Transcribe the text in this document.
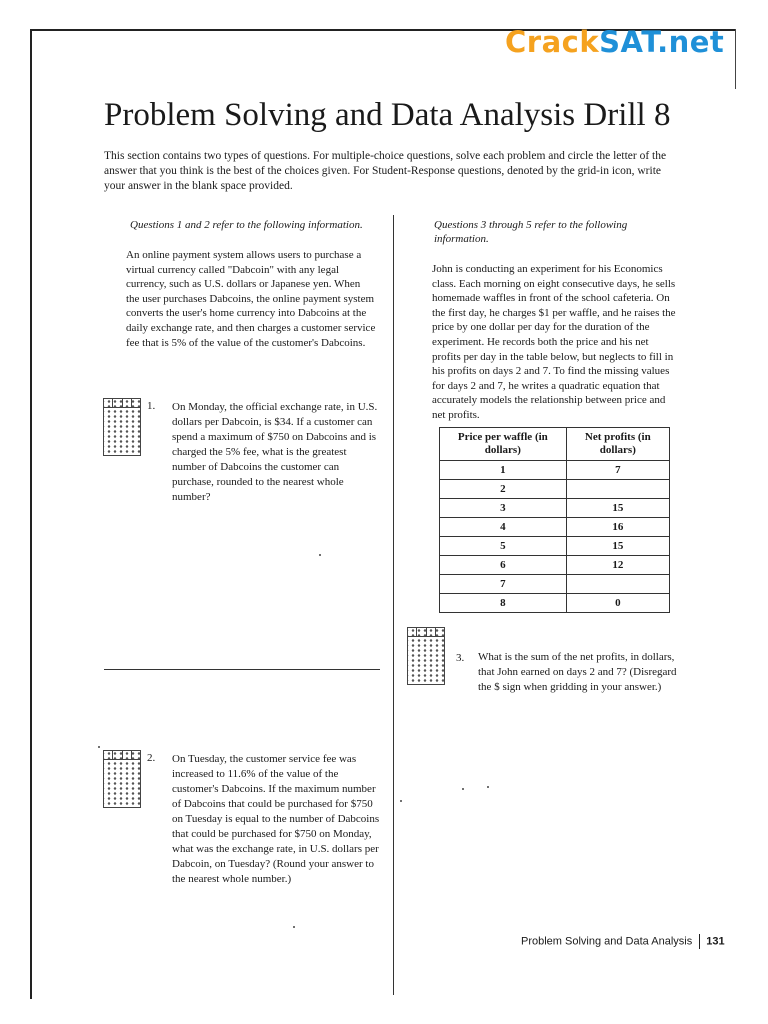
CrackSAT.net
Problem Solving and Data Analysis Drill 8

This section contains two types of questions. For multiple-choice questions, solve each problem and circle the letter of the answer that you think is the best of the choices given. For Student-Response questions, denoted by the grid-in icon, write your answer in the blank space provided.

Questions 1 and 2 refer to the following information.

An online payment system allows users to purchase a virtual currency called "Dabcoin" with any legal currency, such as U.S. dollars or Japanese yen. When the user purchases Dabcoins, the online payment system converts the user's home currency into Dabcoins at the daily exchange rate, and then charges a customer service fee that is 5% of the value of the customer's Dabcoins.

1. On Monday, the official exchange rate, in U.S. dollars per Dabcoin, is $34. If a customer can spend a maximum of $750 on Dabcoins and is charged the 5% fee, what is the greatest number of Dabcoins the customer can purchase, rounded to the nearest whole number?

2. On Tuesday, the customer service fee was increased to 11.6% of the value of the customer's Dabcoins. If the maximum number of Dabcoins that could be purchased for $750 on Tuesday is equal to the number of Dabcoins that could be purchased for $750 on Monday, what was the exchange rate, in U.S. dollars per Dabcoin, on Tuesday? (Round your answer to the nearest whole number.)

Questions 3 through 5 refer to the following information.

John is conducting an experiment for his Economics class. Each morning on eight consecutive days, he sells homemade waffles in front of the school cafeteria. On the first day, he charges $1 per waffle, and he raises the price by one dollar per day for the duration of the experiment. He records both the price and his net profits per day in the table below, but neglects to fill in his profits on days 2 and 7. To find the missing values for days 2 and 7, he writes a quadratic equation that accurately models the relationship between price and net profits.

Price per waffle (in dollars)	Net profits (in dollars)
1	7
2	
3	15
4	16
5	15
6	12
7	
8	0
3. What is the sum of the net profits, in dollars, that John earned on days 2 and 7? (Disregard the $ sign when gridding in your answer.)

Problem Solving and Data Analysis 131
